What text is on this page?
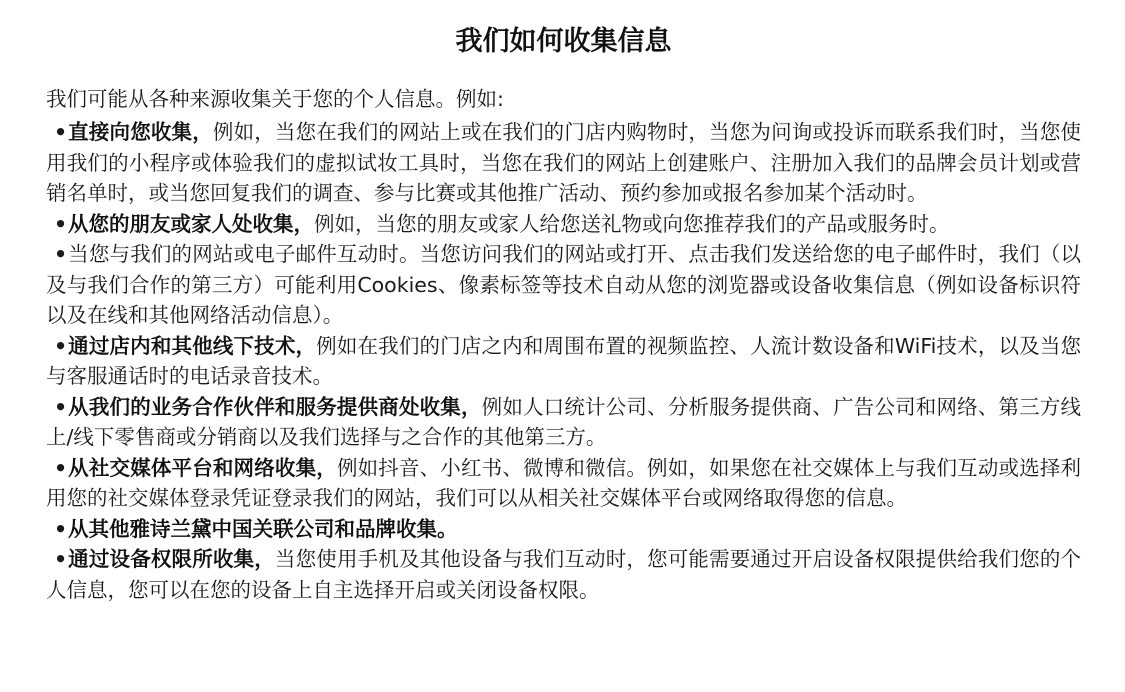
我们如何收集信息

我们可能从各种来源收集关于您的个人信息。例如:

•直接向您收集，例如，当您在我们的网站上或在我们的门店内购物时，当您为问询或投诉而联系我们时，当您使用我们的小程序或体验我们的虚拟试妆工具时，当您在我们的网站上创建账户、注册加入我们的品牌会员计划或营销名单时，或当您回复我们的调查、参与比赛或其他推广活动、预约参加或报名参加某个活动时。
•从您的朋友或家人处收集，例如，当您的朋友或家人给您送礼物或向您推荐我们的产品或服务时。
•当您与我们的网站或电子邮件互动时。当您访问我们的网站或打开、点击我们发送给您的电子邮件时，我们（以及与我们合作的第三方）可能利用Cookies、像素标签等技术自动从您的浏览器或设备收集信息（例如设备标识符以及在线和其他网络活动信息）。
•通过店内和其他线下技术，例如在我们的门店之内和周围布置的视频监控、人流计数设备和WiFi技术，以及当您与客服通话时的电话录音技术。
•从我们的业务合作伙伴和服务提供商处收集，例如人口统计公司、分析服务提供商、广告公司和网络、第三方线上/线下零售商或分销商以及我们选择与之合作的其他第三方。
•从社交媒体平台和网络收集，例如抖音、小红书、微博和微信。例如，如果您在社交媒体上与我们互动或选择利用您的社交媒体登录凭证登录我们的网站，我们可以从相关社交媒体平台或网络取得您的信息。
•从其他雅诗兰黛中国关联公司和品牌收集。
•通过设备权限所收集，当您使用手机及其他设备与我们互动时，您可能需要通过开启设备权限提供给我们您的个人信息，您可以在您的设备上自主选择开启或关闭设备权限。
